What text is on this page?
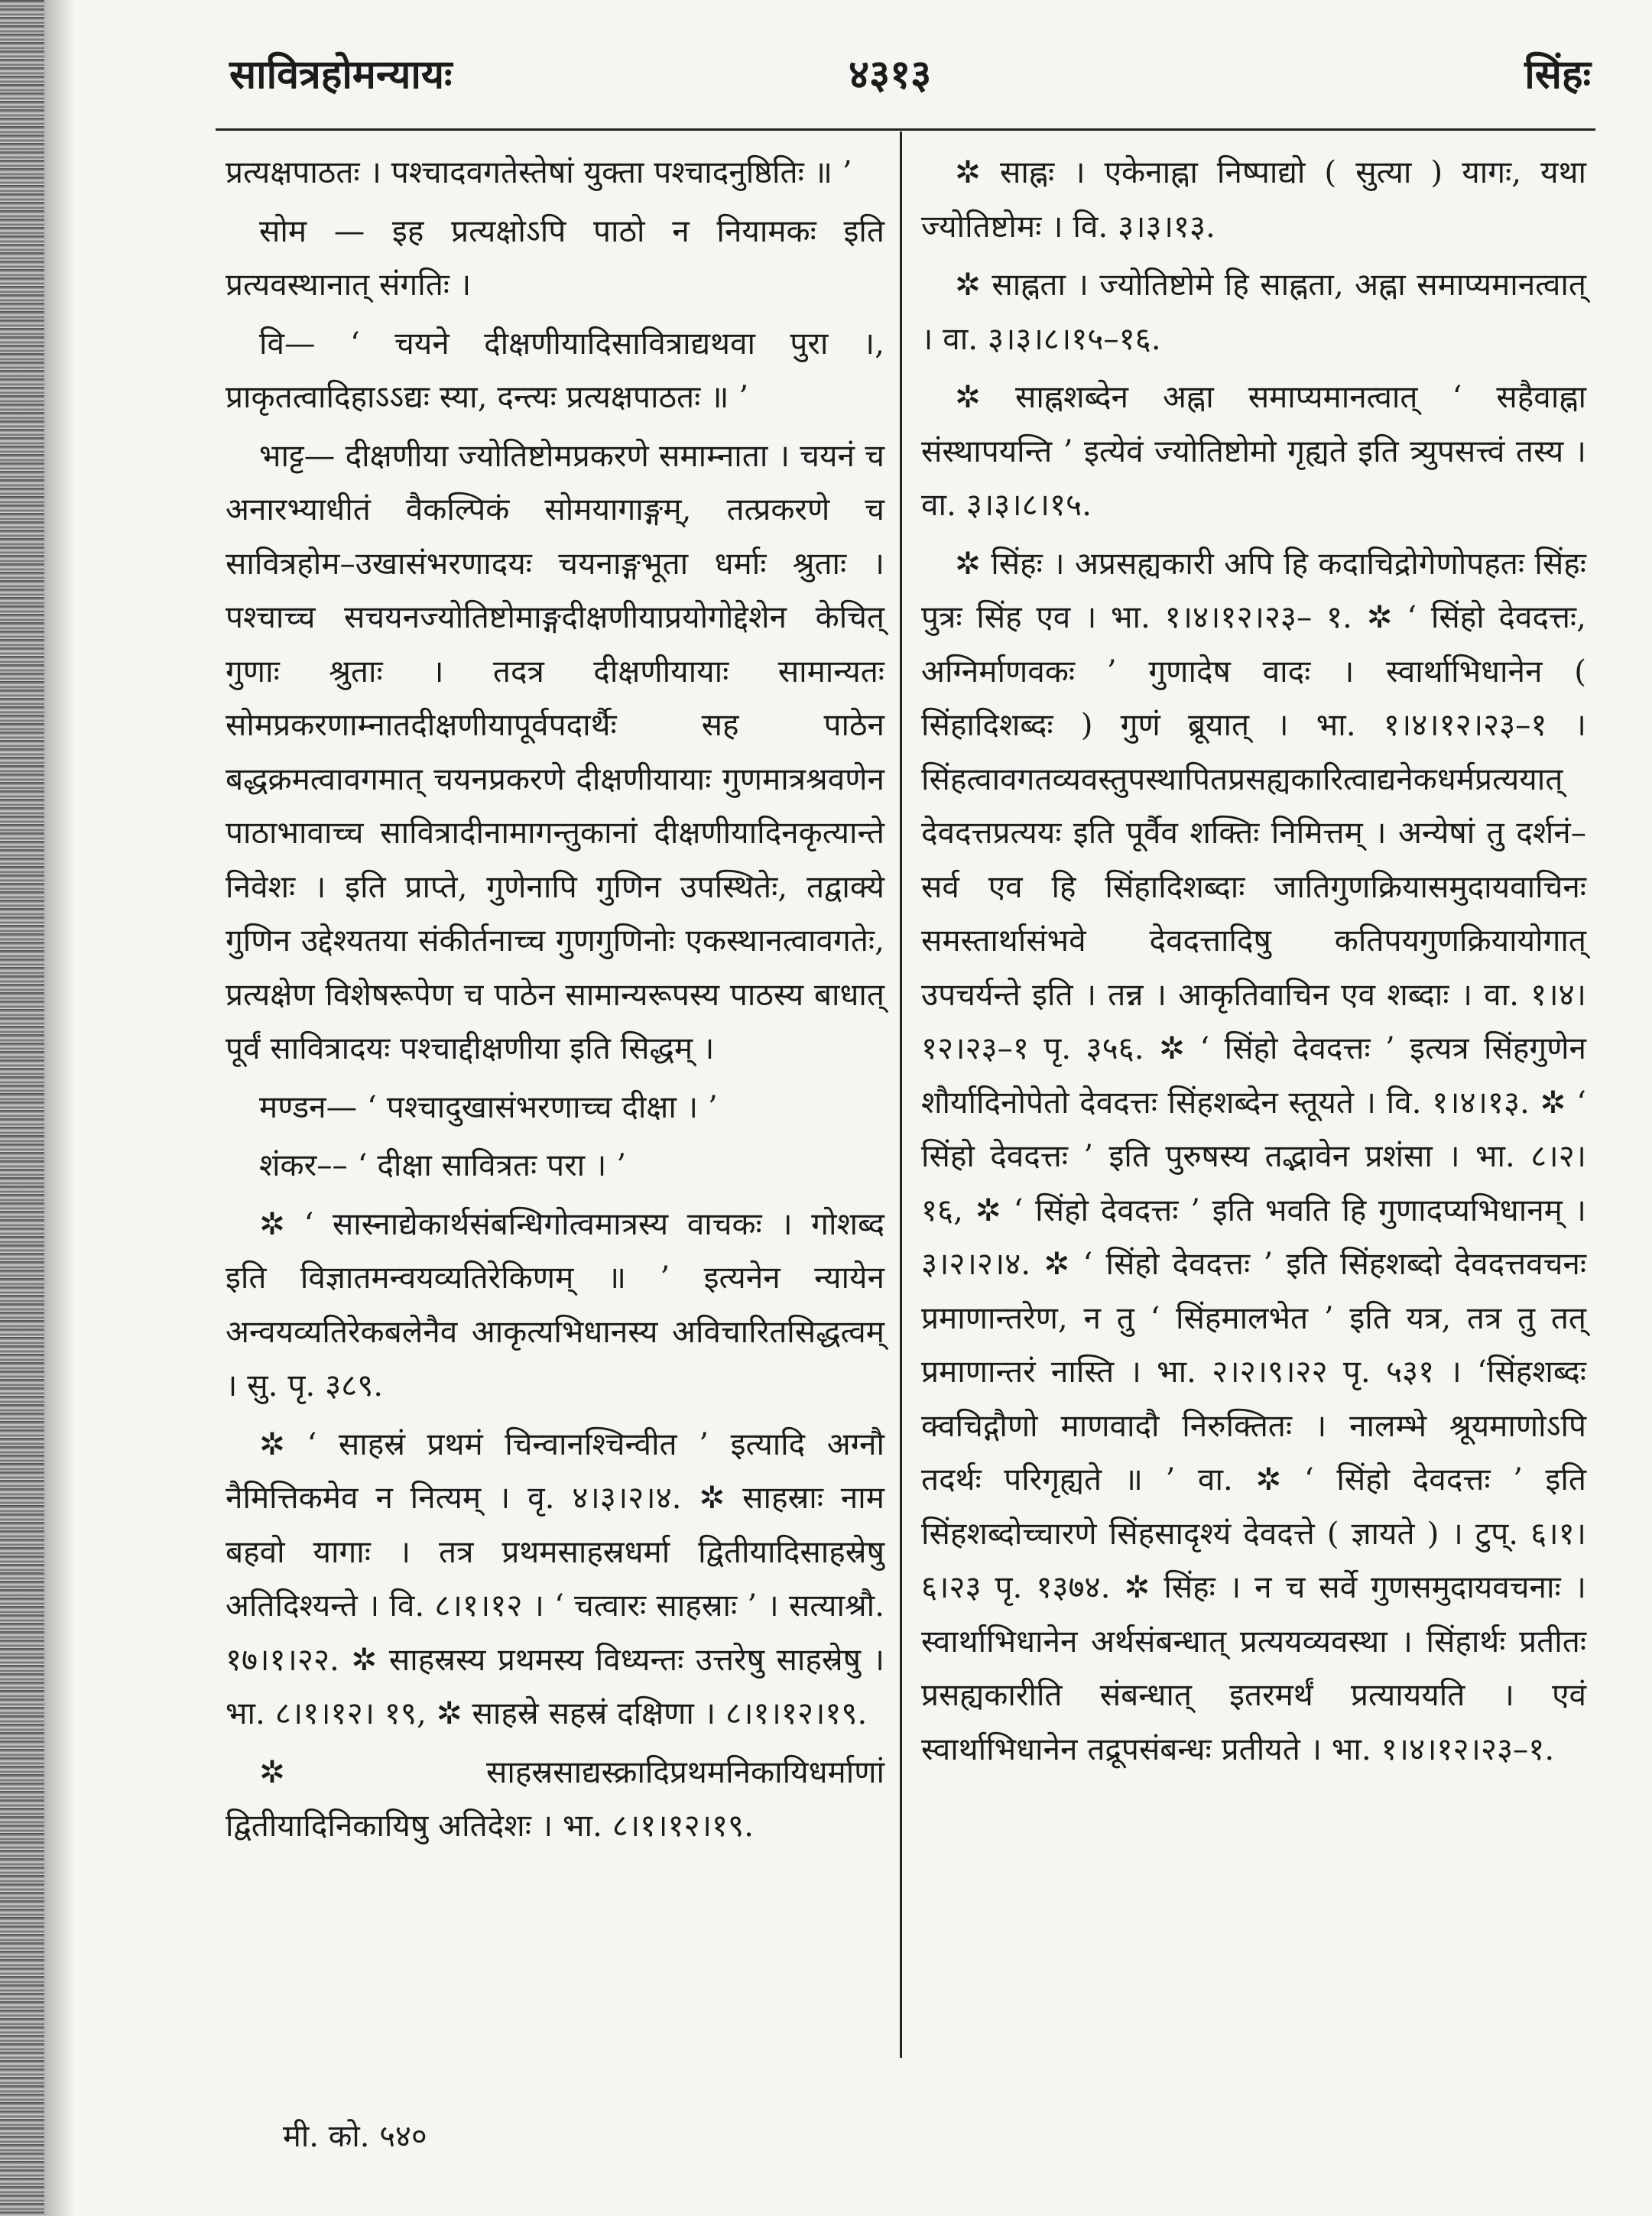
सावित्रहोमन्यायः	४३१३	सिंहः

प्रत्यक्षपाठतः । पश्चादवगतेस्तेषां युक्ता पश्चादनुष्ठितिः ॥ ’

सोम — इह प्रत्यक्षोऽपि पाठो न नियामकः इति प्रत्यवस्थानात् संगतिः ।

वि— ‘ चयने दीक्षणीयादिसावित्राद्यथवा पुरा ।, प्राकृतत्वादिहाऽऽद्यः स्या, दन्त्यः प्रत्यक्षपाठतः ॥ ’

भाट्ट— दीक्षणीया ज्योतिष्टोमप्रकरणे समाम्नाता । चयनं च अनारभ्याधीतं वैकल्पिकं सोमयागाङ्गम्, तत्प्रकरणे च सावित्रहोम–उखासंभरणादयः चयनाङ्गभूता धर्माः श्रुताः । पश्चाच्च सचयनज्योतिष्टोमाङ्गदीक्षणीयाप्रयोगोद्देशेन केचित् गुणाः श्रुताः । तदत्र दीक्षणीयायाः सामान्यतः सोमप्रकरणाम्नातदीक्षणीयापूर्वपदार्थैः सह पाठेन बद्धक्रमत्वावगमात् चयनप्रकरणे दीक्षणीयायाः गुणमात्रश्रवणेन पाठाभावाच्च सावित्रादीनामागन्तुकानां दीक्षणीयादिनकृत्यान्ते निवेशः । इति प्राप्ते, गुणेनापि गुणिन उपस्थितेः, तद्वाक्ये गुणिन उद्देश्यतया संकीर्तनाच्च गुणगुणिनोः एकस्थानत्वावगतेः, प्रत्यक्षेण विशेषरूपेण च पाठेन सामान्यरूपस्य पाठस्य बाधात् पूर्वं सावित्रादयः पश्चाद्दीक्षणीया इति सिद्धम् ।

मण्डन— ‘ पश्चादुखासंभरणाच्च दीक्षा । ’

शंकर–– ‘ दीक्षा सावित्रतः परा । ’

✲ ‘ सास्नाद्येकार्थसंबन्धिगोत्वमात्रस्य वाचकः । गोशब्द इति विज्ञातमन्वयव्यतिरेकिणम् ॥ ’ इत्यनेन न्यायेन अन्वयव्यतिरेकबलेनैव आकृत्यभिधानस्य अविचारितसिद्धत्वम् । सु. पृ. ३८९.

✲ ‘ साहस्रं प्रथमं चिन्वानश्चिन्वीत ’ इत्यादि अग्नौ नैमित्तिकमेव न नित्यम् । वृ. ४।३।२।४. ✲ साहस्राः नाम बहवो यागाः । तत्र प्रथमसाहस्रधर्मा द्वितीयादिसाहस्रेषु अतिदिश्यन्ते । वि. ८।१।१२ । ‘ चत्वारः साहस्राः ’ । सत्याश्रौ. १७।१।२२. ✲ साहस्रस्य प्रथमस्य विध्यन्तः उत्तरेषु साहस्रेषु । भा. ८।१।१२। १९, ✲ साहस्रे सहस्रं दक्षिणा । ८।१।१२।१९.

✲ साहस्रसाद्यस्क्रादिप्रथमनिकायिधर्माणां द्वितीयादिनिकायिषु अतिदेशः । भा. ८।१।१२।१९.

✲ साह्नः । एकेनाह्ना निष्पाद्यो ( सुत्या ) यागः, यथा ज्योतिष्टोमः । वि. ३।३।१३.

✲ साह्नता । ज्योतिष्टोमे हि साह्नता, अह्ना समाप्यमानत्वात् । वा. ३।३।८।१५–१६.

✲ साह्नशब्देन अह्ना समाप्यमानत्वात् ‘ सहैवाह्ना संस्थापयन्ति ’ इत्येवं ज्योतिष्टोमो गृह्यते इति त्र्युपसत्त्वं तस्य । वा. ३।३।८।१५.

✲ सिंहः । अप्रसह्यकारी अपि हि कदाचिद्रोगेणोपहतः सिंहः पुत्रः सिंह एव । भा. १।४।१२।२३– १. ✲ ‘ सिंहो देवदत्तः, अग्निर्माणवकः ’ गुणादेष वादः । स्वार्थाभिधानेन ( सिंहादिशब्दः ) गुणं ब्रूयात् । भा. १।४।१२।२३–१ । सिंहत्वावगतव्यवस्तुपस्थापितप्रसह्यकारित्वाद्यनेकधर्मप्रत्ययात् देवदत्तप्रत्ययः इति पूर्वैव शक्तिः निमित्तम् । अन्येषां तु दर्शनं– सर्व एव हि सिंहादिशब्दाः जातिगुणक्रियासमुदायवाचिनः समस्तार्थासंभवे देवदत्तादिषु कतिपयगुणक्रियायोगात् उपचर्यन्ते इति । तन्न । आकृतिवाचिन एव शब्दाः । वा. १।४।१२।२३–१ पृ. ३५६. ✲ ‘ सिंहो देवदत्तः ’ इत्यत्र सिंहगुणेन शौर्यादिनोपेतो देवदत्तः सिंहशब्देन स्तूयते । वि. १।४।१३. ✲ ‘ सिंहो देवदत्तः ’ इति पुरुषस्य तद्भावेन प्रशंसा । भा. ८।२। १६, ✲ ‘ सिंहो देवदत्तः ’ इति भवति हि गुणादप्यभिधानम् । ३।२।२।४. ✲ ‘ सिंहो देवदत्तः ’ इति सिंहशब्दो देवदत्तवचनः प्रमाणान्तरेण, न तु ‘ सिंहमालभेत ’ इति यत्र, तत्र तु तत् प्रमाणान्तरं नास्ति । भा. २।२।९।२२ पृ. ५३१ । ‘सिंहशब्दः क्वचिद्गौणो माणवादौ निरुक्तितः । नालम्भे श्रूयमाणोऽपि तदर्थः परिगृह्यते ॥ ’ वा. ✲ ‘ सिंहो देवदत्तः ’ इति सिंहशब्दोच्चारणे सिंहसादृश्यं देवदत्ते ( ज्ञायते ) । टुप्. ६।१।६।२३ पृ. १३७४. ✲ सिंहः । न च सर्वे गुणसमुदायवचनाः । स्वार्थाभिधानेन अर्थसंबन्धात् प्रत्ययव्यवस्था । सिंहार्थः प्रतीतः प्रसह्यकारीति संबन्धात् इतरमर्थं प्रत्याययति । एवं स्वार्थाभिधानेन तद्रूपसंबन्धः प्रतीयते । भा. १।४।१२।२३–१.

मी. को. ५४०
